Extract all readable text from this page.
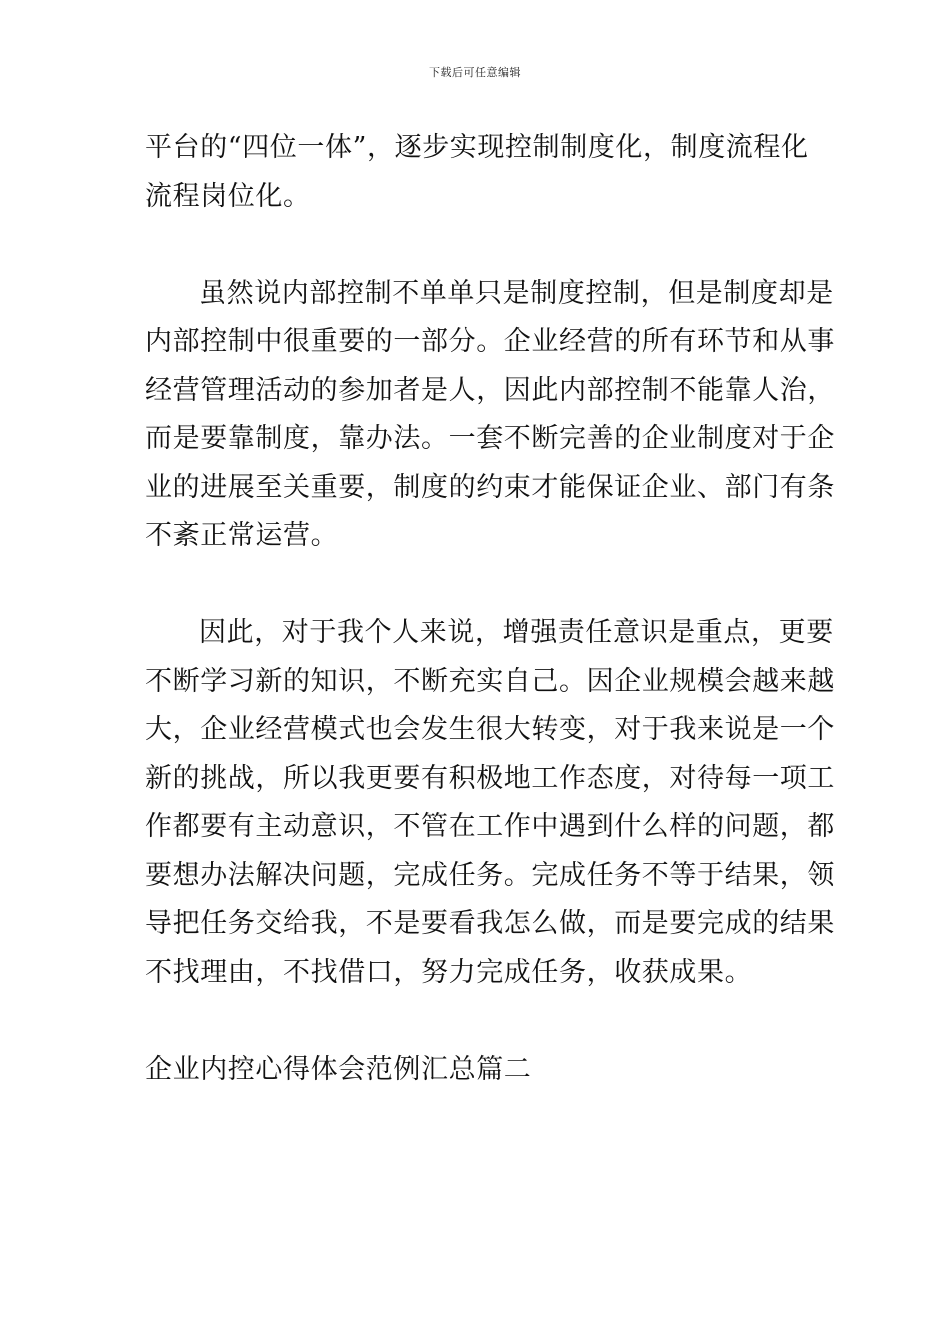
下载后可任意编辑
平台的“四位一体”，逐步实现控制制度化，制度流程化
流程岗位化。
虽然说内部控制不单单只是制度控制，但是制度却是
内部控制中很重要的一部分。企业经营的所有环节和从事
经营管理活动的参加者是人，因此内部控制不能靠人治，
而是要靠制度，靠办法。一套不断完善的企业制度对于企
业的进展至关重要，制度的约束才能保证企业、部门有条
不紊正常运营。
因此，对于我个人来说，增强责任意识是重点，更要
不断学习新的知识，不断充实自己。因企业规模会越来越
大，企业经营模式也会发生很大转变，对于我来说是一个
新的挑战，所以我更要有积极地工作态度，对待每一项工
作都要有主动意识，不管在工作中遇到什么样的问题，都
要想办法解决问题，完成任务。完成任务不等于结果，领
导把任务交给我，不是要看我怎么做，而是要完成的结果
不找理由，不找借口，努力完成任务，收获成果。
企业内控心得体会范例汇总篇二
